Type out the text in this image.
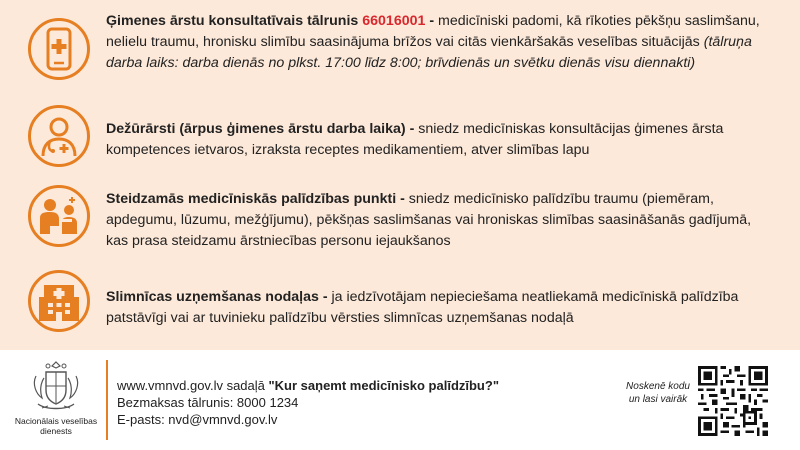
Ģimenes ārstu konsultatīvais tālrunis 66016001 - medicīniski padomi, kā rīkoties pēkšņu saslimšanu, nelielu traumu, hronisku slimību saasinājuma brīžos vai citās vienkāršakās veselības situācijās (tālruņa darba laiks: darba dienās no plkst. 17:00 līdz 8:00; brīvdienās un svētku dienās visu diennakti)
Dežūrārsti (ārpus ģimenes ārstu darba laika) - sniedz medicīniskas konsultācijas ģimenes ārsta kompetences ietvaros, izraksta receptes medikamentiem, atver slimības lapu
Steidzamās medicīniskās palīdzības punkti - sniedz medicīnisko palīdzību traumu (piemēram, apdegumu, lūzumu, mežģījumu), pēkšņas saslimšanas vai hroniskas slimības saasināšanās gadījumā, kas prasa steidzamu ārstniecības personu iejaukšanos
Slimnīcas uzņemšanas nodaļas - ja iedzīvotājam nepieciešama neatliekamā medicīniskā palīdzība patstāvīgi vai ar tuvinieku palīdzību vērsties slimnīcas uzņemšanas nodaļā
Nacionālais veselības dienests
www.vmnvd.gov.lv sadaļā "Kur saņemt medicīnisko palīdzību?"
Bezmaksas tālrunis: 8000 1234
E-pasts: nvd@vmnvd.gov.lv
Noskenē kodu un lasi vairāk
